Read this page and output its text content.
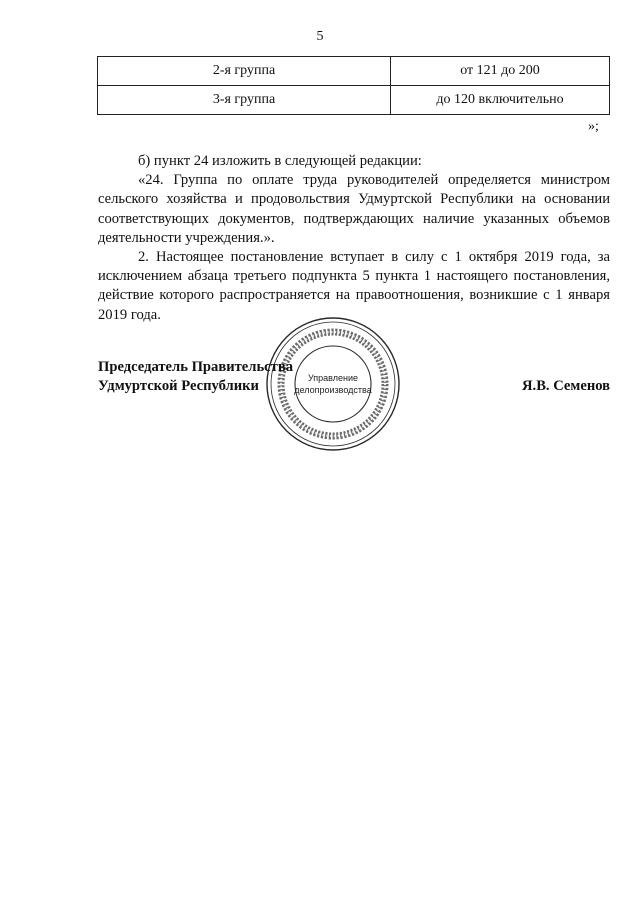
5
2-я группа	от 121 до 200
3-я группа	до 120 включительно
»;

б) пункт 24 изложить в следующей редакции:

«24. Группа по оплате труда руководителей определяется министром сельского хозяйства и продовольствия Удмуртской Республики на основании соответствующих документов, подтверждающих наличие указанных объемов деятельности учреждения.».

2. Настоящее постановление вступает в силу с 1 октября 2019 года, за исключением абзаца третьего подпункта 5 пункта 1 настоящего постановления, действие которого распространяется на правоотношения, возникшие с 1 января 2019 года.

Управление
делопроизводства
Председатель Правительства
Удмуртской Республики	Я.В. Семенов
